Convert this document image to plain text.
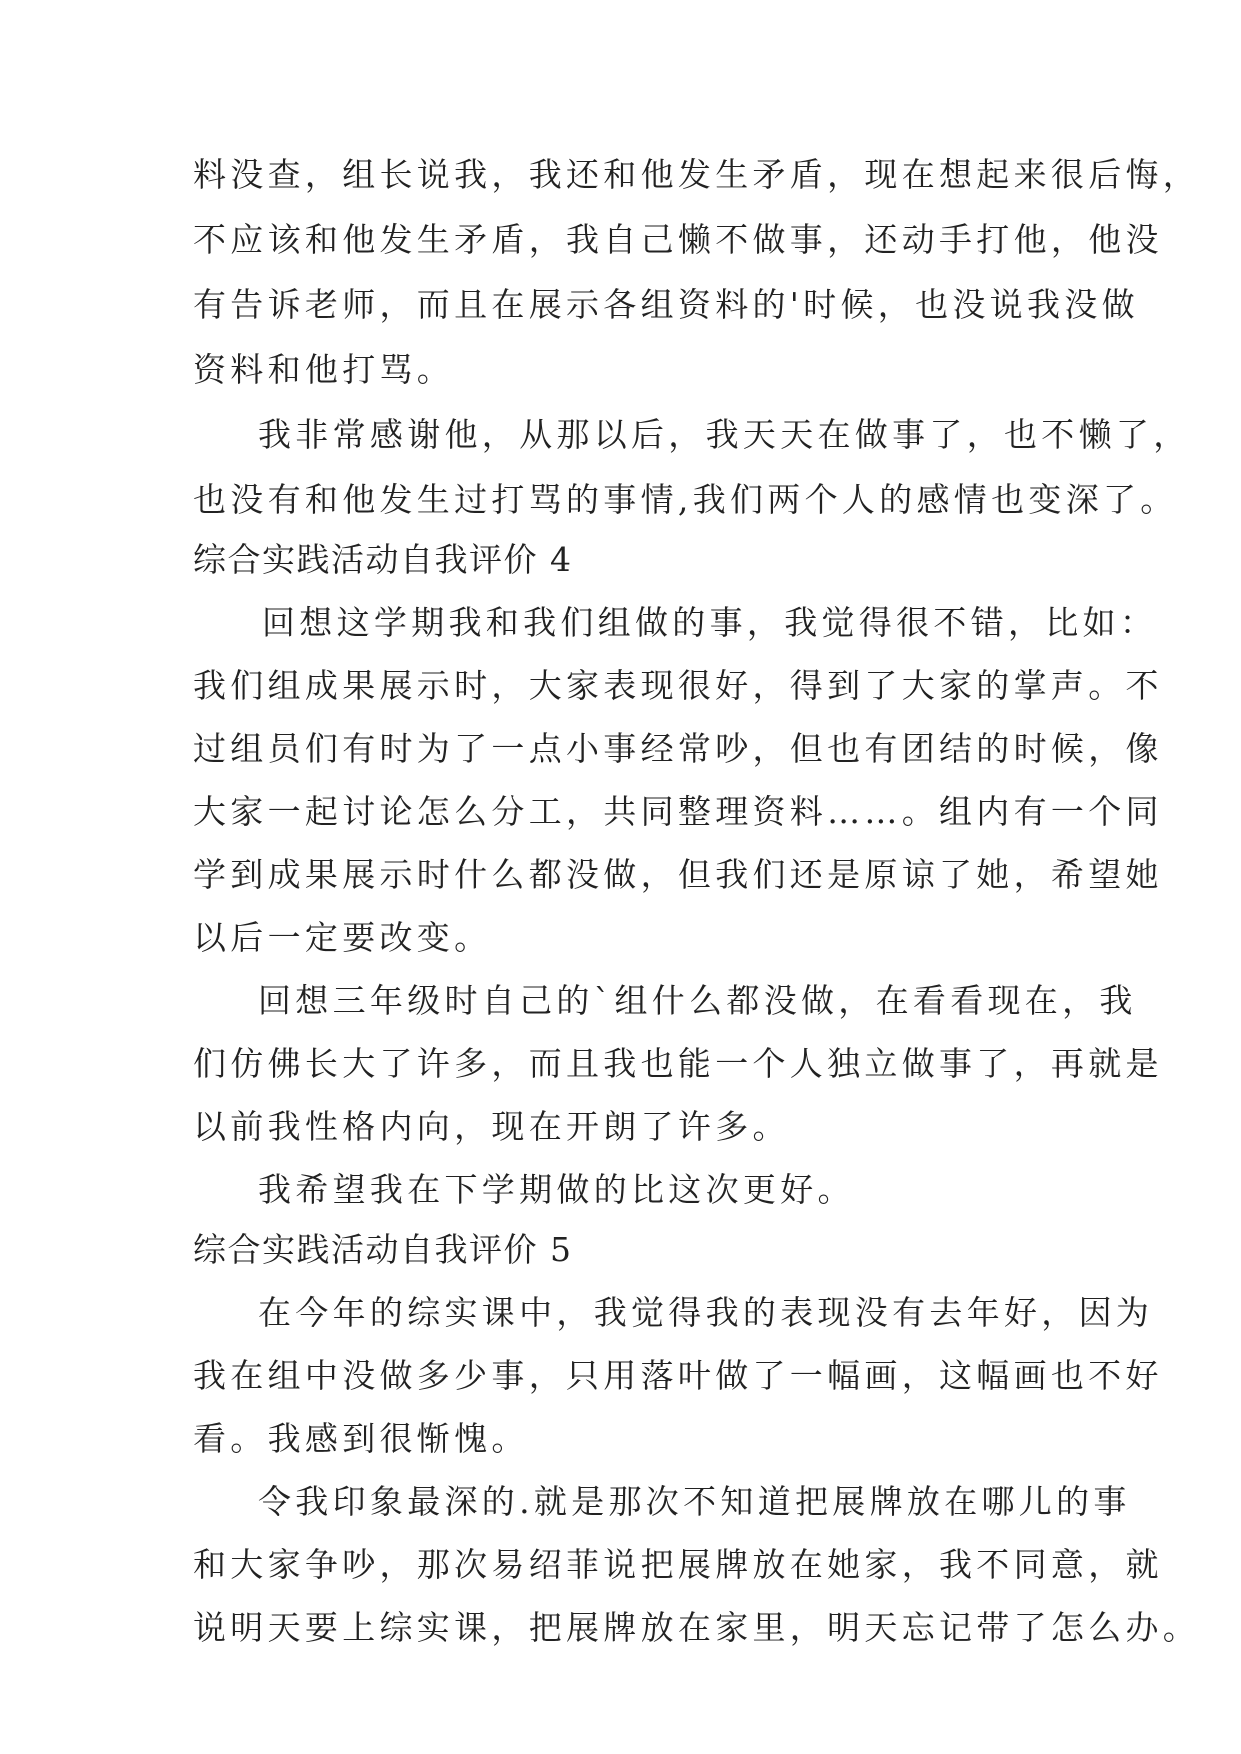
料没查，组长说我，我还和他发生矛盾，现在想起来很后悔，
不应该和他发生矛盾，我自己懒不做事，还动手打他，他没
有告诉老师，而且在展示各组资料的'时候，也没说我没做
资料和他打骂。
我非常感谢他，从那以后，我天天在做事了，也不懒了，
也没有和他发生过打骂的事情,我们两个人的感情也变深了。
综合实践活动自我评价 4
回想这学期我和我们组做的事，我觉得很不错，比如：
我们组成果展示时，大家表现很好，得到了大家的掌声。不
过组员们有时为了一点小事经常吵，但也有团结的时候，像
大家一起讨论怎么分工，共同整理资料……。组内有一个同
学到成果展示时什么都没做，但我们还是原谅了她，希望她
以后一定要改变。
回想三年级时自己的`组什么都没做，在看看现在，我
们仿佛长大了许多，而且我也能一个人独立做事了，再就是
以前我性格内向，现在开朗了许多。
我希望我在下学期做的比这次更好。
综合实践活动自我评价 5
在今年的综实课中，我觉得我的表现没有去年好，因为
我在组中没做多少事，只用落叶做了一幅画，这幅画也不好
看。我感到很惭愧。
令我印象最深的.就是那次不知道把展牌放在哪儿的事
和大家争吵，那次易绍菲说把展牌放在她家，我不同意，就
说明天要上综实课，把展牌放在家里，明天忘记带了怎么办。
